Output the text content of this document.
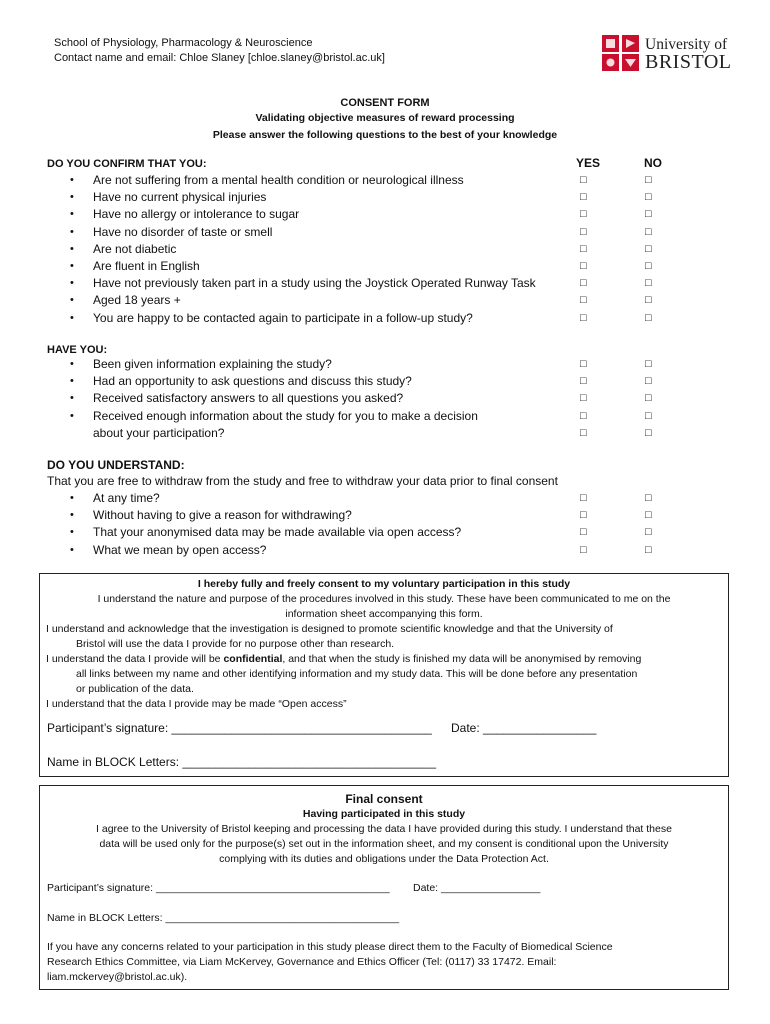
School of Physiology, Pharmacology & Neuroscience
Contact name and email: Chloe Slaney [chloe.slaney@bristol.ac.uk]
University of
BRISTOL
CONSENT FORM
Validating objective measures of reward processing
Please answer the following questions to the best of your knowledge
DO YOU CONFIRM THAT YOU:	YES	NO
• Are not suffering from a mental health condition or neurological illness	□	□
• Have no current physical injuries	□	□
• Have no allergy or intolerance to sugar	□	□
• Have no disorder of taste or smell	□	□
• Are not diabetic	□	□
• Are fluent in English	□	□
• Have not previously taken part in a study using the Joystick Operated Runway Task	□	□
• Aged 18 years +	□	□
• You are happy to be contacted again to participate in a follow-up study?	□	□
HAVE YOU:
• Been given information explaining the study?	□	□
• Had an opportunity to ask questions and discuss this study?	□	□
• Received satisfactory answers to all questions you asked?	□	□
• Received enough information about the study for you to make a decision	□	□
about your participation?	□	□
DO YOU UNDERSTAND:
That you are free to withdraw from the study and free to withdraw your data prior to final consent
• At any time?	□	□
• Without having to give a reason for withdrawing?	□	□
• That your anonymised data may be made available via open access?	□	□
• What we mean by open access?	□	□
I hereby fully and freely consent to my voluntary participation in this study
I understand the nature and purpose of the procedures involved in this study. These have been communicated to me on the
information sheet accompanying this form.

I understand and acknowledge that the investigation is designed to promote scientific knowledge and that the University of

Bristol will use the data I provide for no purpose other than research.

I understand the data I provide will be confidential, and that when the study is finished my data will be anonymised by removing

all links between my name and other identifying information and my study data. This will be done before any presentation

or publication of the data.

I understand that the data I provide may be made “Open access”

Participant’s signature: _______________________________________ Date: _________________
Name in BLOCK Letters: ______________________________________
Final consent
Having participated in this study
I agree to the University of Bristol keeping and processing the data I have provided during this study. I understand that these
data will be used only for the purpose(s) set out in the information sheet, and my consent is conditional upon the University
complying with its duties and obligations under the Data Protection Act.
Participant’s signature: ________________________________________ Date: _________________
Name in BLOCK Letters: ________________________________________
If you have any concerns related to your participation in this study please direct them to the Faculty of Biomedical Science
Research Ethics Committee, via Liam McKervey, Governance and Ethics Officer (Tel: (0117) 33 17472. Email:
liam.mckervey@bristol.ac.uk).
